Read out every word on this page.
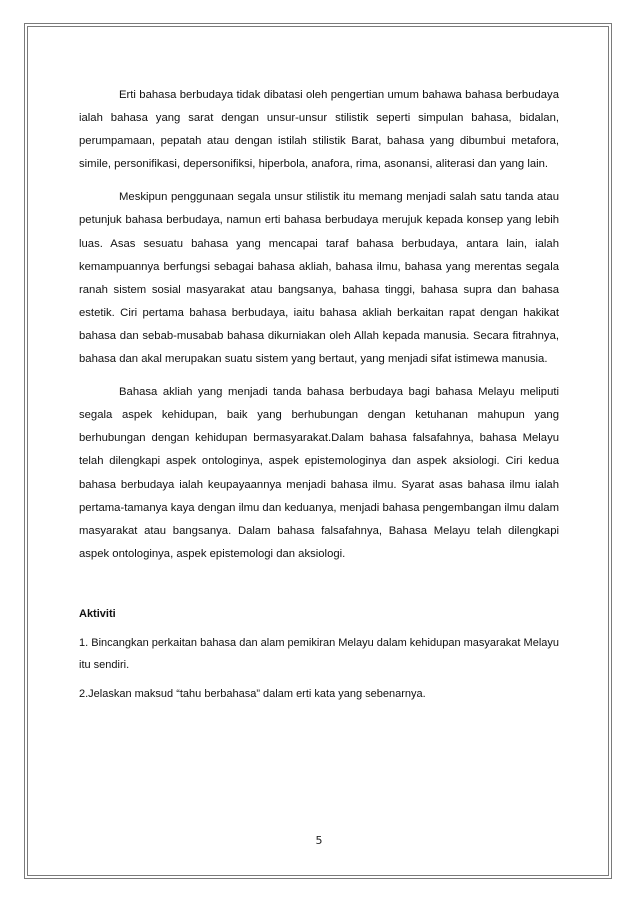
Erti bahasa berbudaya tidak dibatasi oleh pengertian umum bahawa bahasa berbudaya ialah bahasa yang sarat dengan unsur-unsur stilistik seperti simpulan bahasa, bidalan, perumpamaan, pepatah atau dengan istilah stilistik Barat, bahasa yang dibumbui metafora, simile, personifikasi, depersonifiksi, hiperbola, anafora, rima, asonansi, aliterasi dan yang lain.

Meskipun penggunaan segala unsur stilistik itu memang menjadi salah satu tanda atau petunjuk bahasa berbudaya, namun erti bahasa berbudaya merujuk kepada konsep yang lebih luas. Asas sesuatu bahasa yang mencapai taraf bahasa berbudaya, antara lain, ialah kemampuannya berfungsi sebagai bahasa akliah, bahasa ilmu, bahasa yang merentas segala ranah sistem sosial masyarakat atau bangsanya, bahasa tinggi, bahasa supra dan bahasa estetik. Ciri pertama bahasa berbudaya, iaitu bahasa akliah berkaitan rapat dengan hakikat bahasa dan sebab-musabab bahasa dikurniakan oleh Allah kepada manusia. Secara fitrahnya, bahasa dan akal merupakan suatu sistem yang bertaut, yang menjadi sifat istimewa manusia.

Bahasa akliah yang menjadi tanda bahasa berbudaya bagi bahasa Melayu meliputi segala aspek kehidupan, baik yang berhubungan dengan ketuhanan mahupun yang berhubungan dengan kehidupan bermasyarakat.Dalam bahasa falsafahnya, bahasa Melayu telah dilengkapi aspek ontologinya, aspek epistemologinya dan aspek aksiologi. Ciri kedua bahasa berbudaya ialah keupayaannya menjadi bahasa ilmu. Syarat asas bahasa ilmu ialah pertama-tamanya kaya dengan ilmu dan keduanya, menjadi bahasa pengembangan ilmu dalam masyarakat atau bangsanya. Dalam bahasa falsafahnya, Bahasa Melayu telah dilengkapi aspek ontologinya, aspek epistemologi dan aksiologi.

Aktiviti

1. Bincangkan perkaitan bahasa dan alam pemikiran Melayu dalam kehidupan masyarakat Melayu itu sendiri.

2.Jelaskan maksud “tahu berbahasa” dalam erti kata yang sebenarnya.

5
